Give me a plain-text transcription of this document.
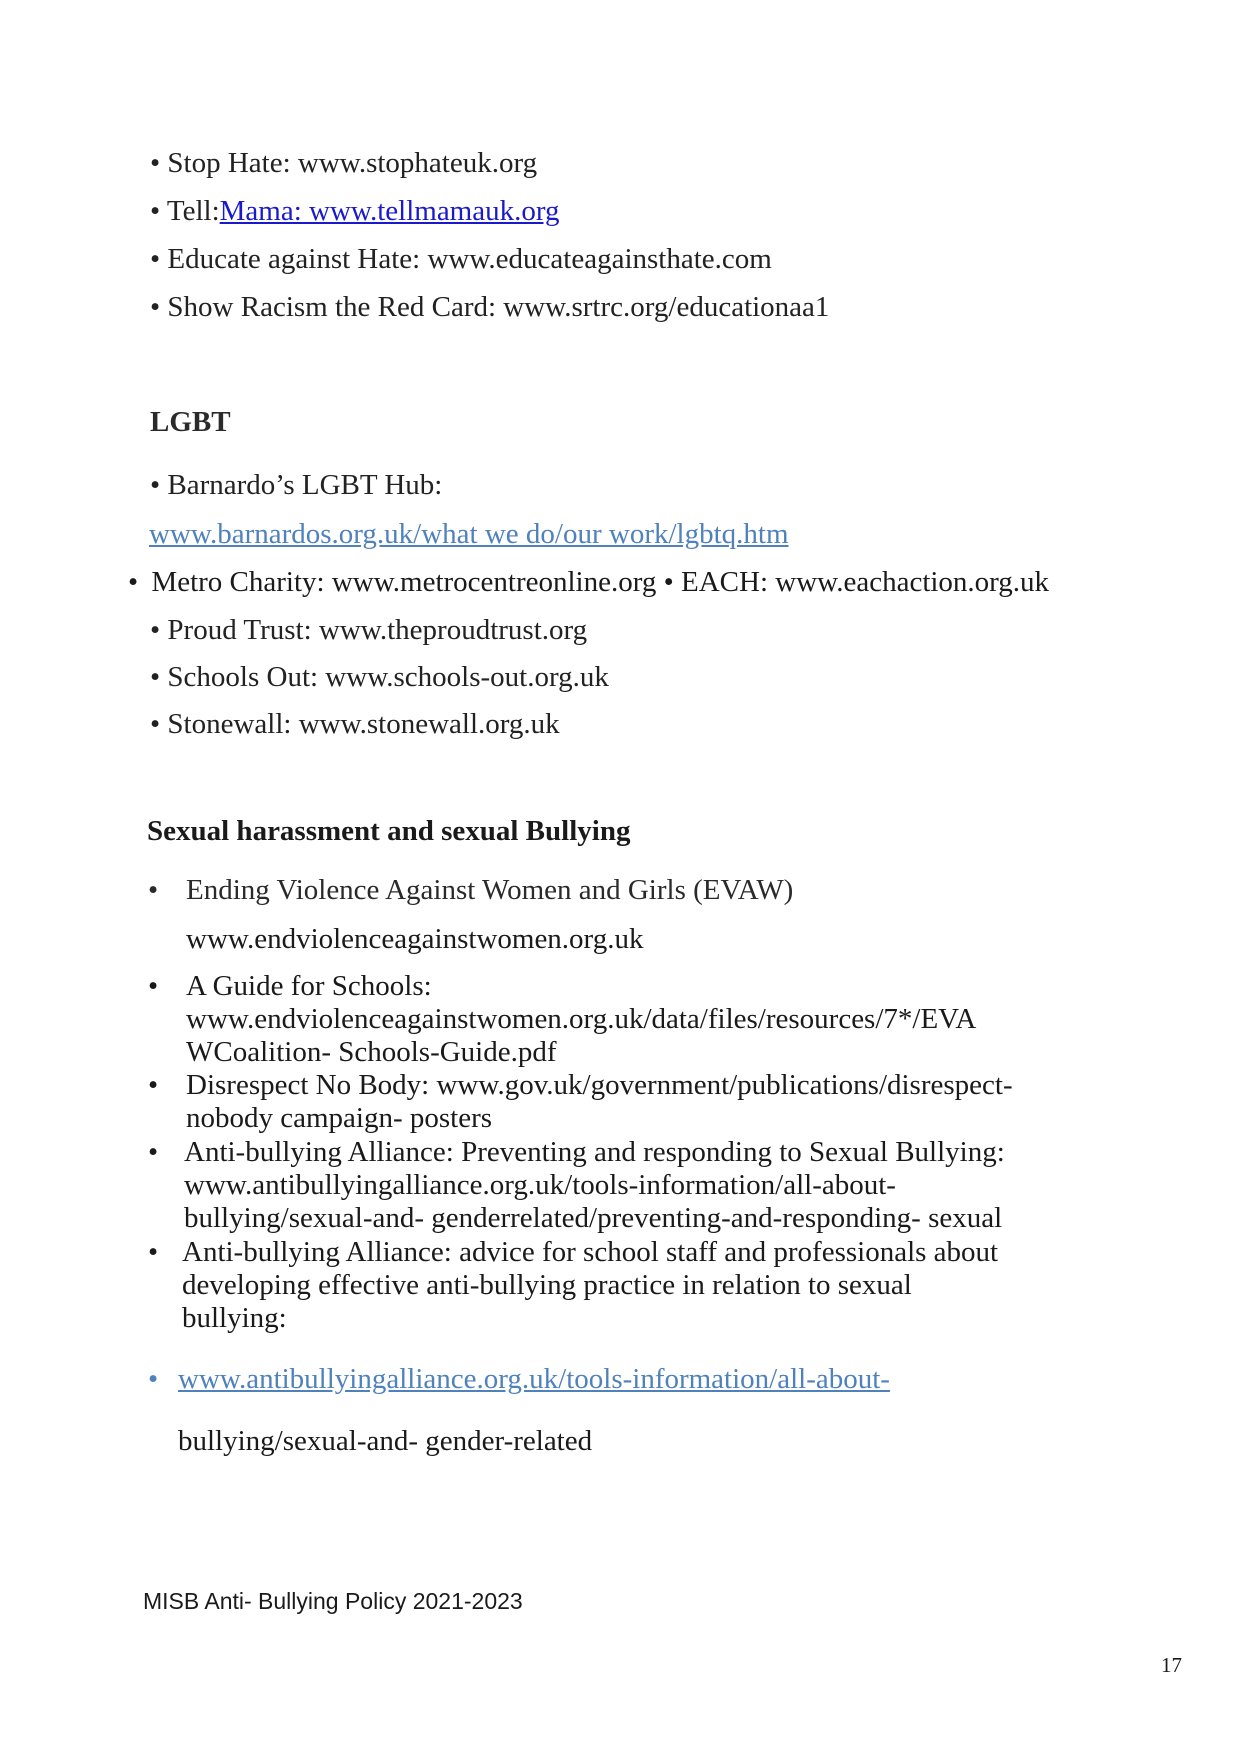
• Stop Hate: www.stophateuk.org
• Tell:Mama: www.tellmamauk.org
• Educate against Hate: www.educateagainsthate.com
• Show Racism the Red Card: www.srtrc.org/educationaa1
LGBT
• Barnardo’s LGBT Hub:
www.barnardos.org.uk/what we do/our work/lgbtq.htm
• Metro Charity: www.metrocentreonline.org • EACH: www.eachaction.org.uk
• Proud Trust: www.theproudtrust.org
• Schools Out: www.schools-out.org.uk
• Stonewall: www.stonewall.org.uk
Sexual harassment and sexual Bullying
• Ending Violence Against Women and Girls (EVAW)
www.endviolenceagainstwomen.org.uk
• A Guide for Schools:
www.endviolenceagainstwomen.org.uk/data/files/resources/7*/EVA
WCoalition- Schools-Guide.pdf
• Disrespect No Body: www.gov.uk/government/publications/disrespect-
nobody campaign- posters
• Anti-bullying Alliance: Preventing and responding to Sexual Bullying:
www.antibullyingalliance.org.uk/tools-information/all-about-
bullying/sexual-and- genderrelated/preventing-and-responding- sexual
• Anti-bullying Alliance: advice for school staff and professionals about
developing effective anti-bullying practice in relation to sexual
bullying:
• www.antibullyingalliance.org.uk/tools-information/all-about-
bullying/sexual-and- gender-related
MISB Anti- Bullying Policy 2021-2023
17
